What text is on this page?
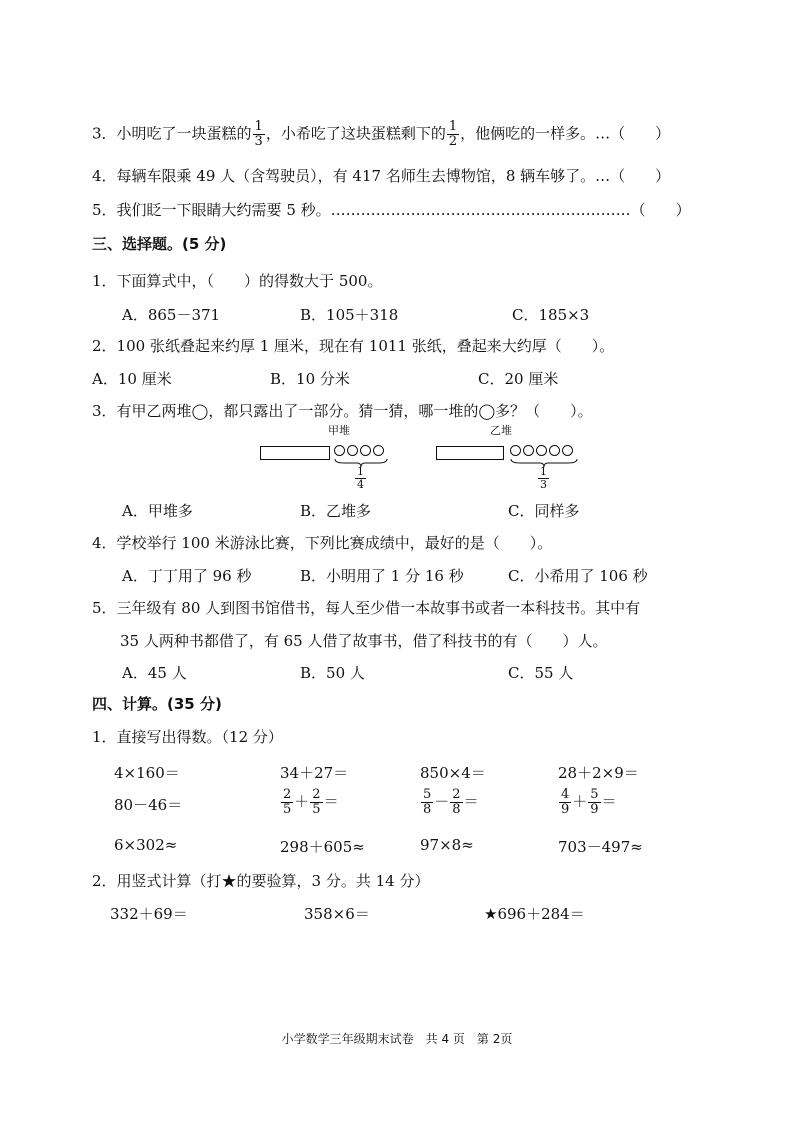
3．小明吃了一块蛋糕的 $\frac{1}{3}$ ，小希吃了这块蛋糕剩下的 $\frac{1}{2}$ ，他俩吃的一样多。…（　　）
4．每辆车限乘 49 人（含驾驶员），有 417 名师生去博物馆，8 辆车够了。…（　　）
5．我们眨一下眼睛大约需要 5 秒。……………………………………………………（　　）
三、选择题。(5 分)
1．下面算式中，（　　）的得数大于 500。
A．865－371	B．105＋318	C．185×3
2．100 张纸叠起来约厚 1 厘米，现在有 1011 张纸，叠起来大约厚（　　）。
A．10 厘米	B．10 分米	C．20 厘米
3．有甲乙两堆◯，都只露出了一部分。猜一猜，哪一堆的◯多？（　　）。
甲堆
$\frac{1}{4}$
乙堆
$\frac{1}{3}$
A．甲堆多	B．乙堆多	C．同样多
4．学校举行 100 米游泳比赛，下列比赛成绩中，最好的是（　　）。
A．丁丁用了 96 秒	B．小明用了 1 分 16 秒	C．小希用了 106 秒
5．三年级有 80 人到图书馆借书，每人至少借一本故事书或者一本科技书。其中有
35 人两种书都借了，有 65 人借了故事书，借了科技书的有（　　）人。
A．45 人	B．50 人	C．55 人
四、计算。(35 分)
1．直接写出得数。（12 分）
4×160＝	34＋27＝	850×4＝	28＋2×9＝
80－46＝	$\frac{2}{5} + \frac{2}{5}$ ＝	$\frac{5}{8} - \frac{2}{8}$ ＝	$\frac{4}{9} + \frac{5}{9}$ ＝
6×302≈	298＋605≈	97×8≈	703－497≈
2．用竖式计算（打★的要验算，3 分。共 14 分）
332＋69＝	358×6＝	★696＋284＝
小学数学三年级期末试卷　共 4 页　第 2页
